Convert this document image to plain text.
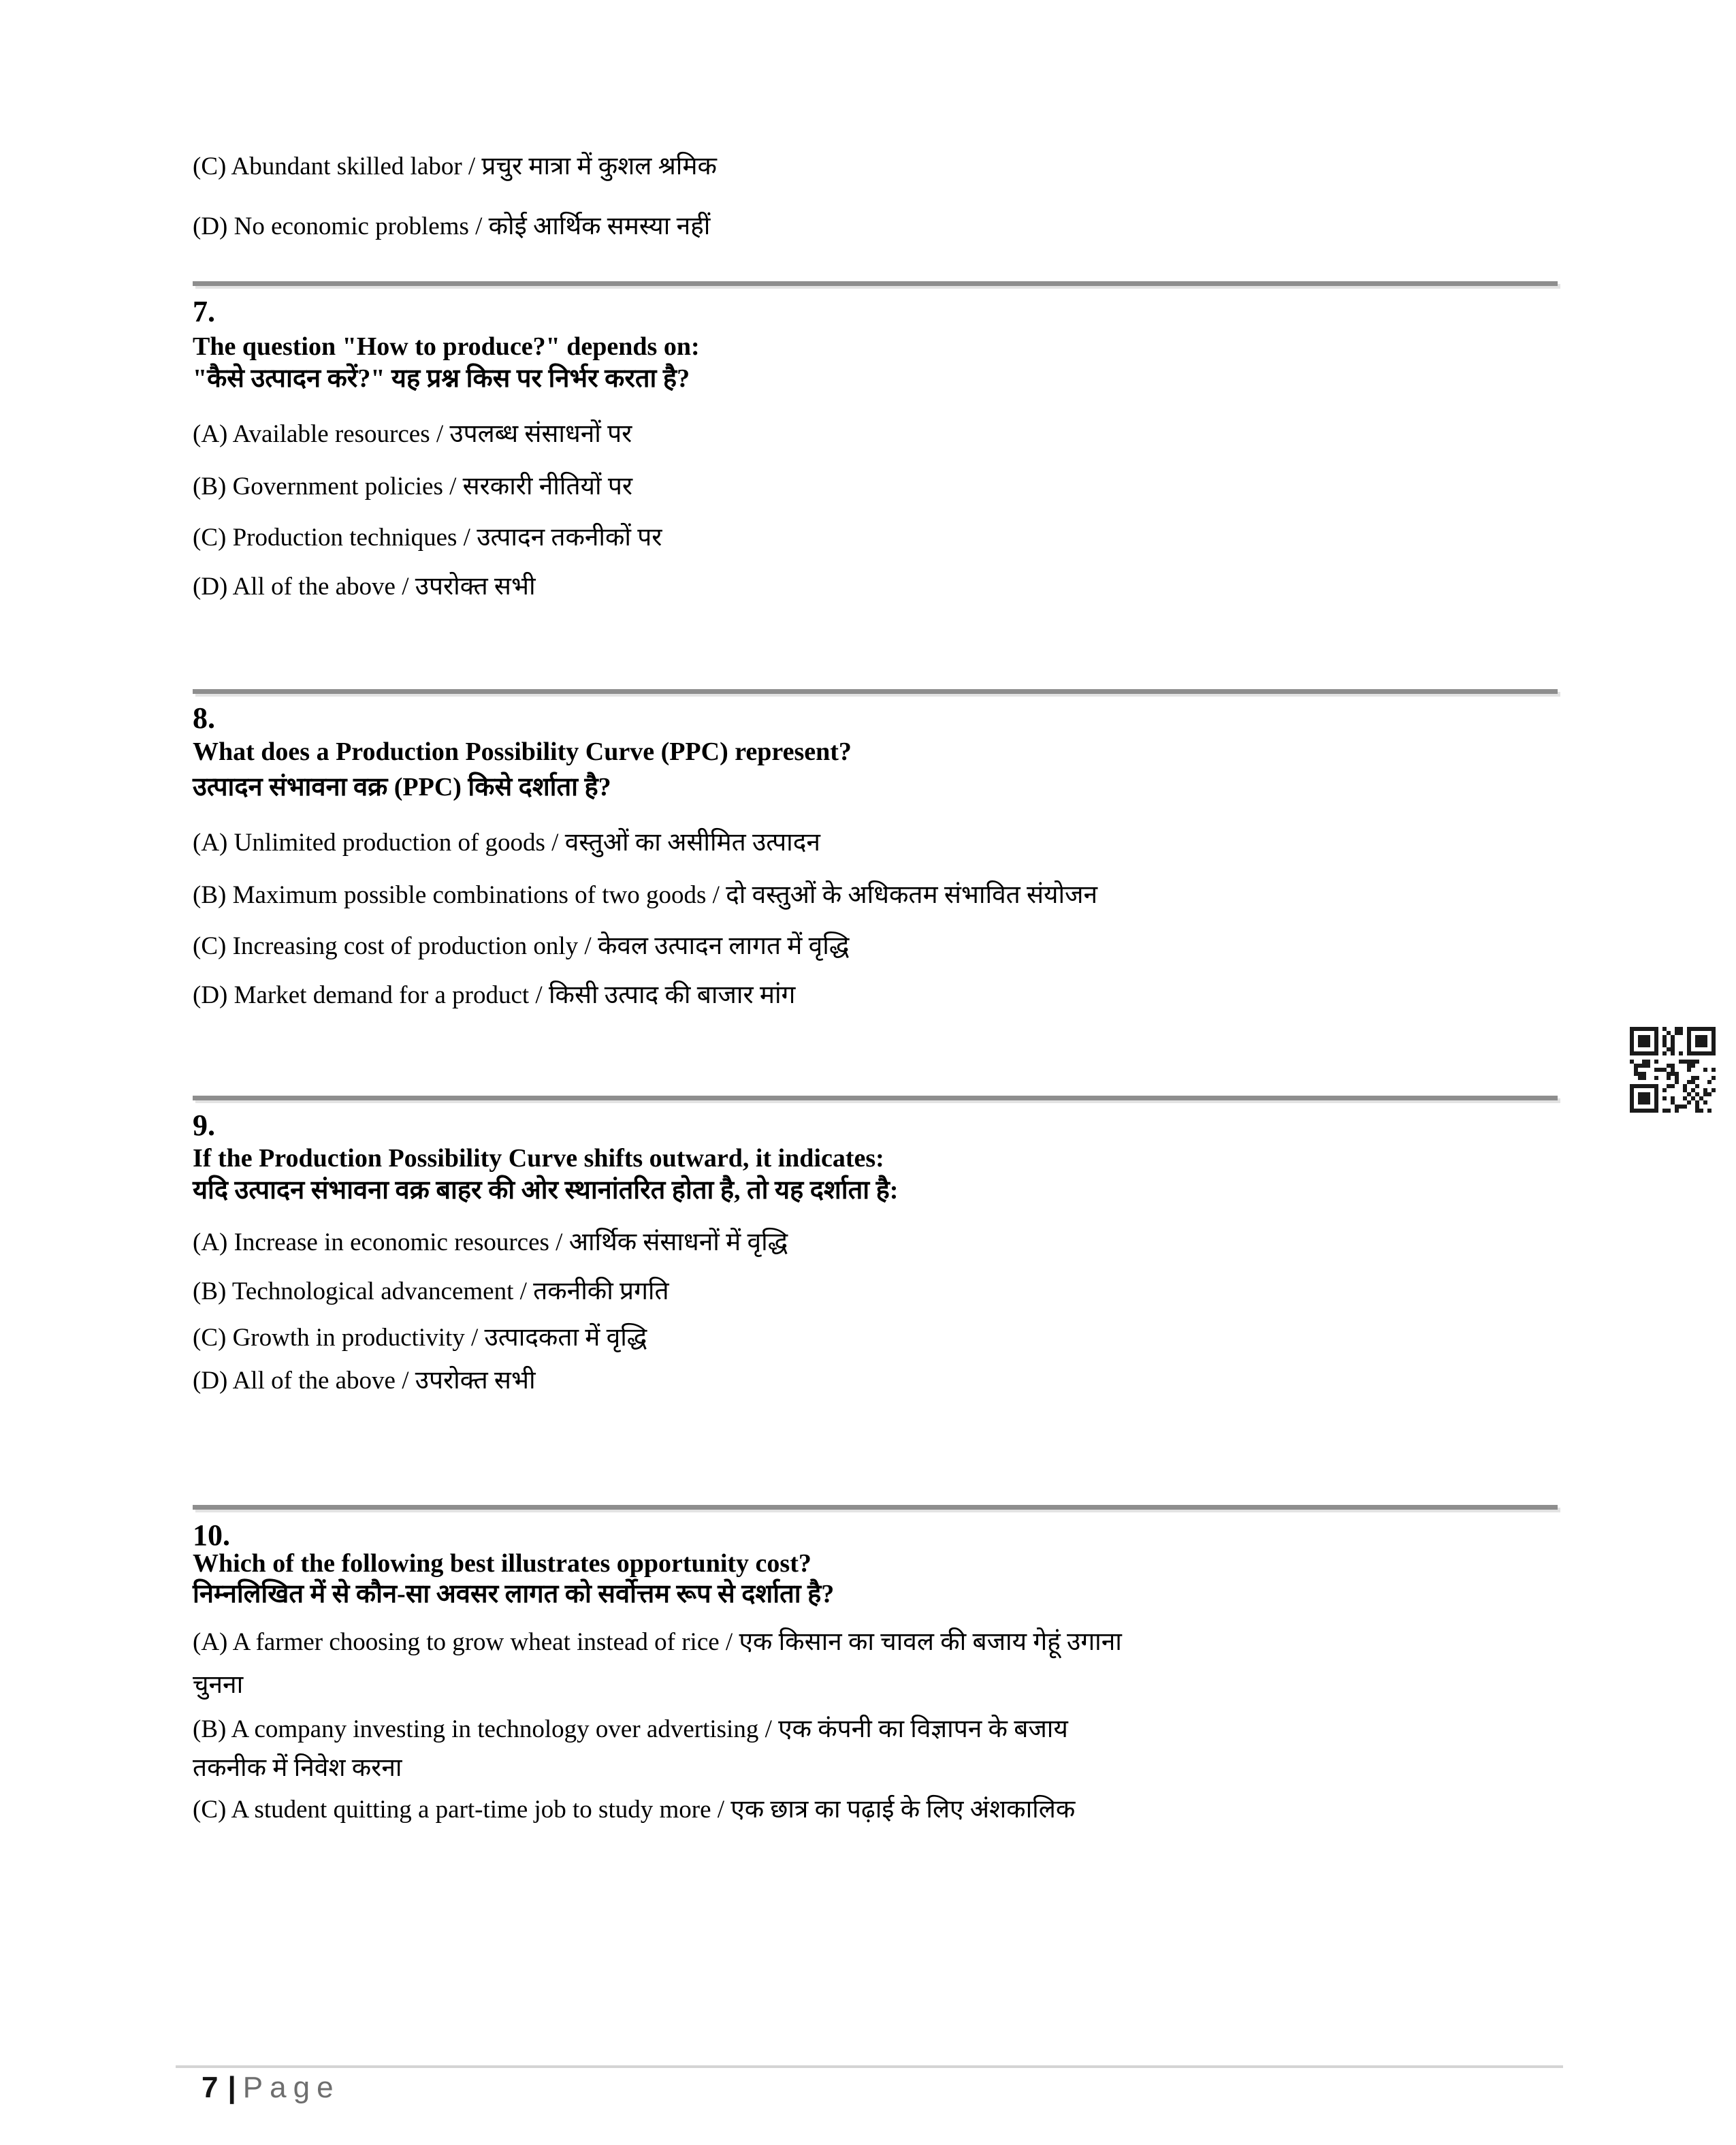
(C) Abundant skilled labor / प्रचुर मात्रा में कुशल श्रमिक
(D) No economic problems / कोई आर्थिक समस्या नहीं
7.
The question "How to produce?" depends on:
"कैसे उत्पादन करें?" यह प्रश्न किस पर निर्भर करता है?
(A) Available resources / उपलब्ध संसाधनों पर
(B) Government policies / सरकारी नीतियों पर
(C) Production techniques / उत्पादन तकनीकों पर
(D) All of the above / उपरोक्त सभी
8.
What does a Production Possibility Curve (PPC) represent?
उत्पादन संभावना वक्र (PPC) किसे दर्शाता है?
(A) Unlimited production of goods / वस्तुओं का असीमित उत्पादन
(B) Maximum possible combinations of two goods / दो वस्तुओं के अधिकतम संभावित संयोजन
(C) Increasing cost of production only / केवल उत्पादन लागत में वृद्धि
(D) Market demand for a product / किसी उत्पाद की बाजार मांग
9.
If the Production Possibility Curve shifts outward, it indicates:
यदि उत्पादन संभावना वक्र बाहर की ओर स्थानांतरित होता है, तो यह दर्शाता है:
(A) Increase in economic resources / आर्थिक संसाधनों में वृद्धि
(B) Technological advancement / तकनीकी प्रगति
(C) Growth in productivity / उत्पादकता में वृद्धि
(D) All of the above / उपरोक्त सभी
10.
Which of the following best illustrates opportunity cost?
निम्नलिखित में से कौन-सा अवसर लागत को सर्वोत्तम रूप से दर्शाता है?
(A) A farmer choosing to grow wheat instead of rice / एक किसान का चावल की बजाय गेहूं उगाना
चुनना
(B) A company investing in technology over advertising / एक कंपनी का विज्ञापन के बजाय
तकनीक में निवेश करना
(C) A student quitting a part-time job to study more / एक छात्र का पढ़ाई के लिए अंशकालिक
7 | Page
